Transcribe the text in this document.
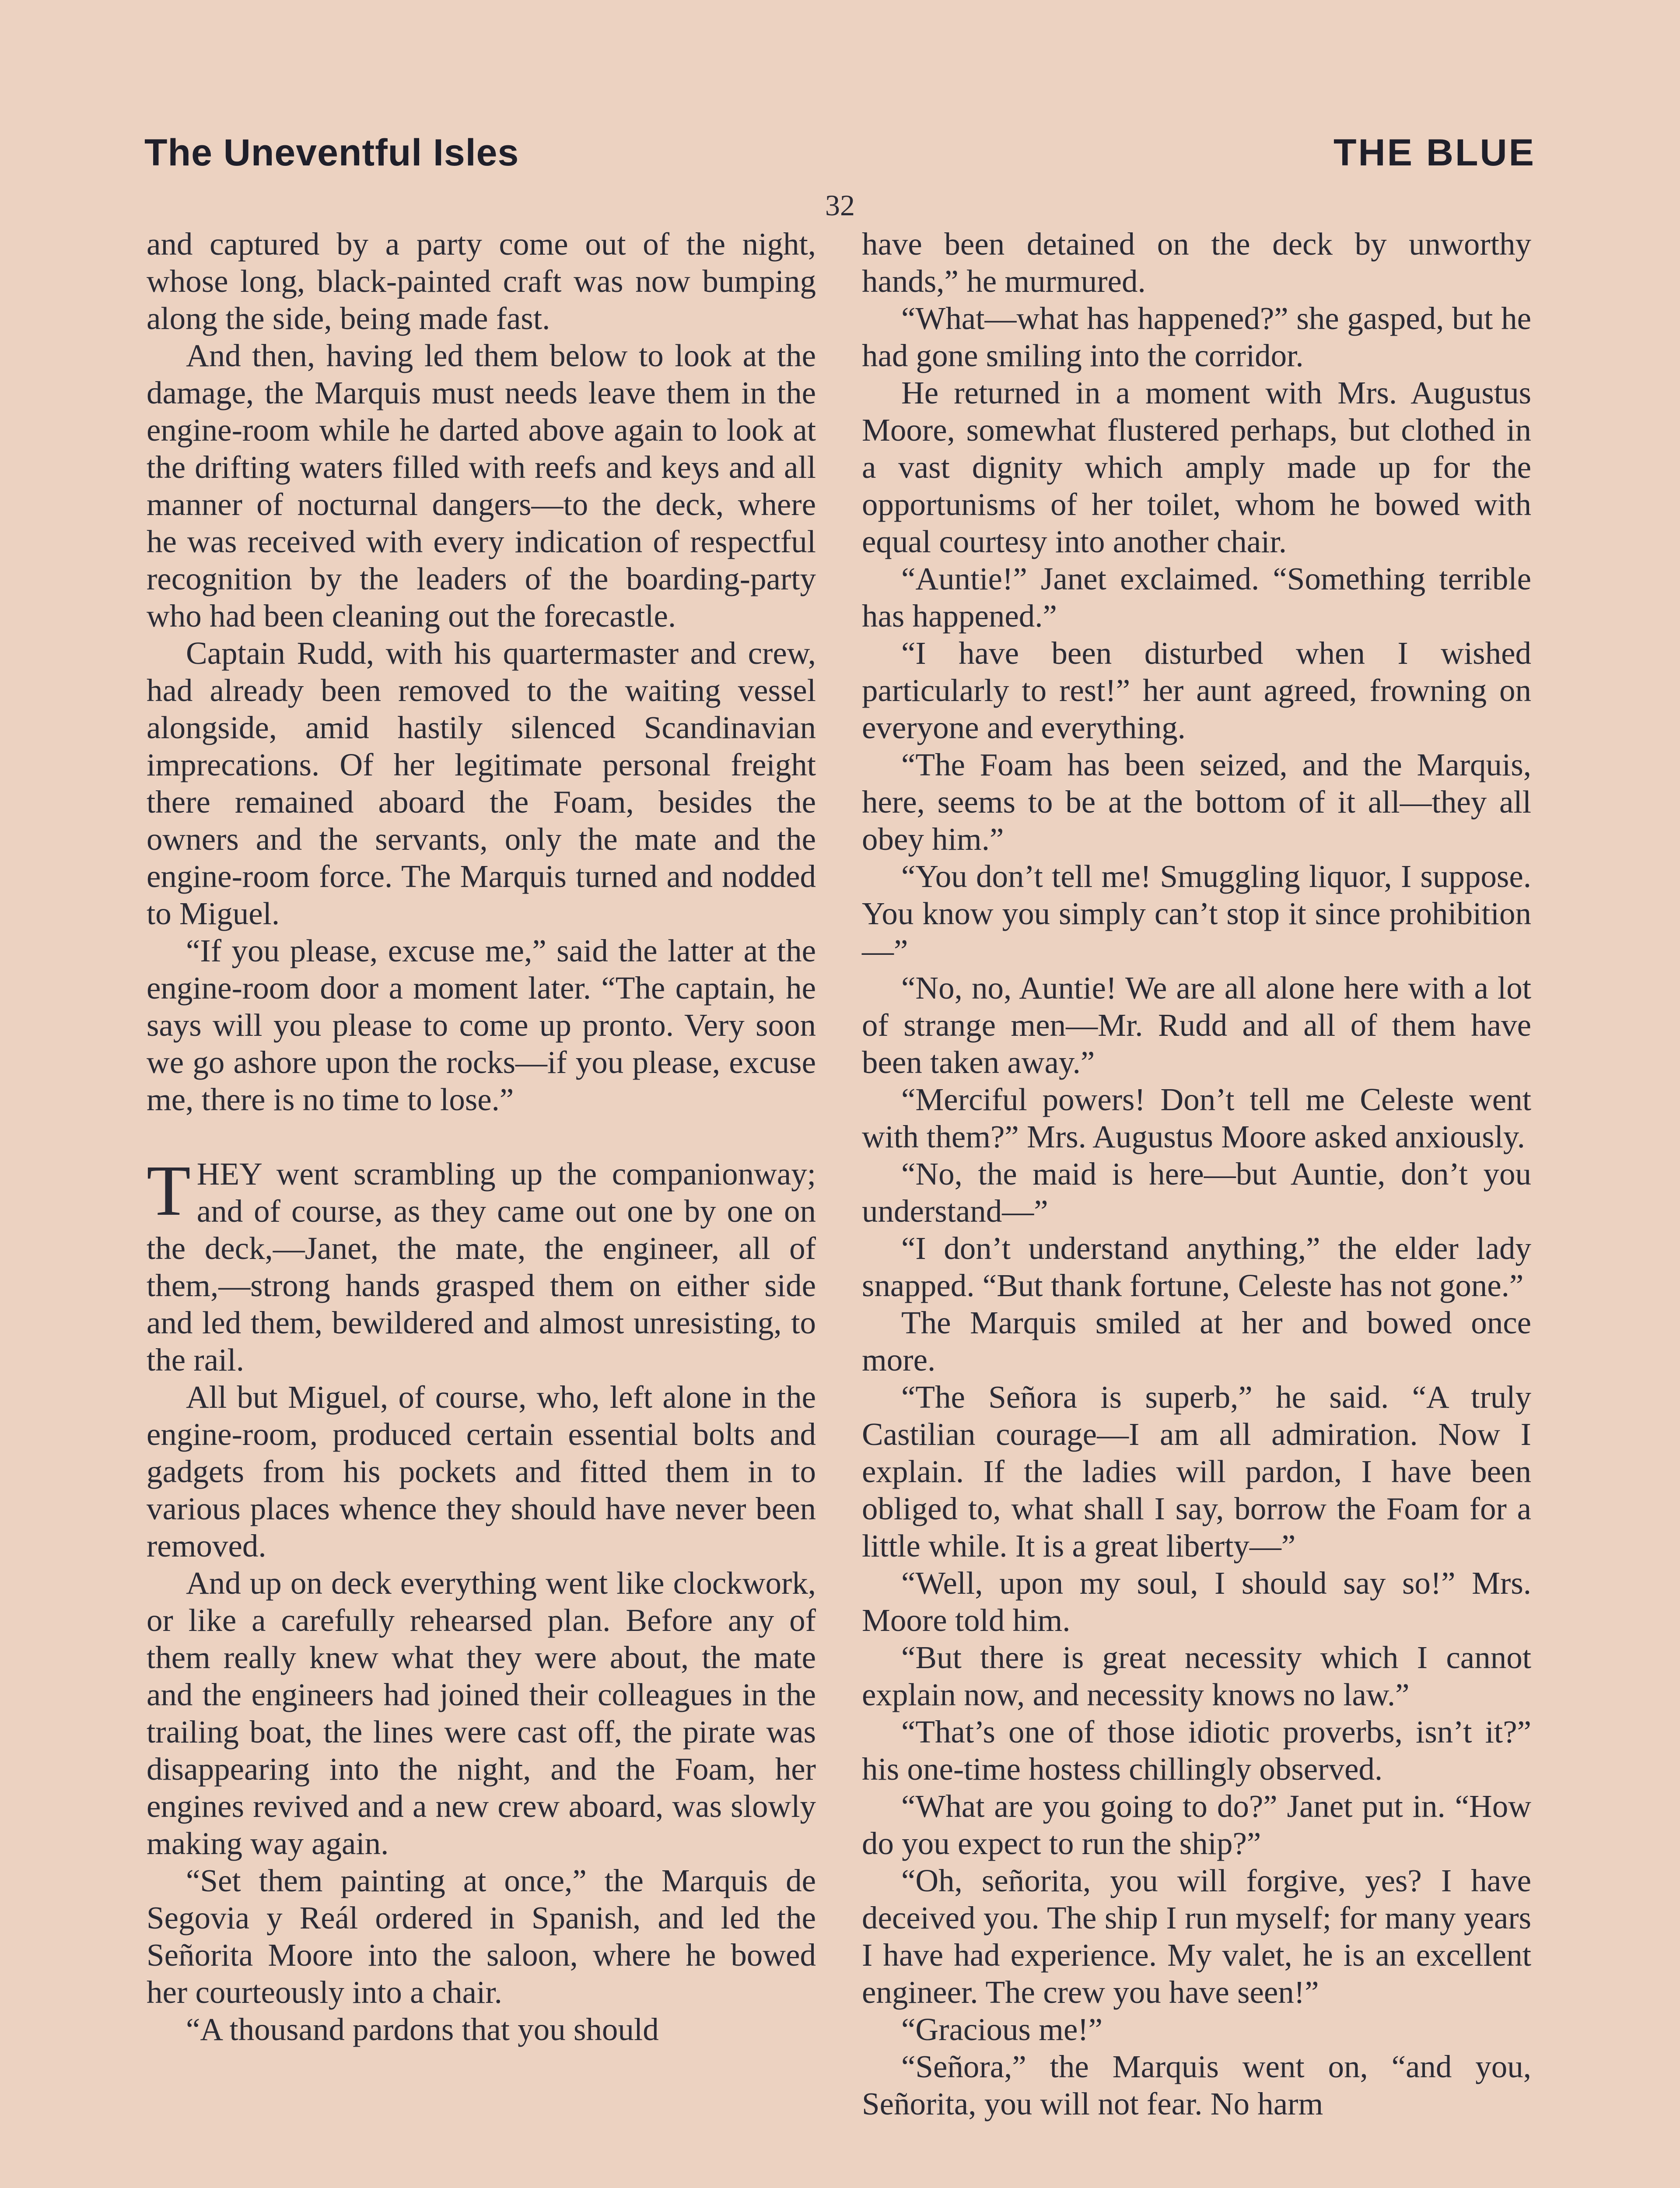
The Uneventful Isles	THE BLUE
32

and captured by a party come out of the night, whose long, black-painted craft was now bumping along the side, being made fast.

And then, having led them below to look at the damage, the Marquis must needs leave them in the engine-room while he darted above again to look at the drifting waters filled with reefs and keys and all manner of nocturnal dangers—to the deck, where he was received with every indication of respectful recognition by the leaders of the boarding-party who had been cleaning out the forecastle.

Captain Rudd, with his quartermaster and crew, had already been removed to the waiting vessel alongside, amid hastily silenced Scandinavian imprecations. Of her legitimate personal freight there remained aboard the Foam, besides the owners and the servants, only the mate and the engine-room force. The Marquis turned and nodded to Miguel.

“If you please, excuse me,” said the latter at the engine-room door a moment later. “The captain, he says will you please to come up pronto. Very soon we go ashore upon the rocks—if you please, excuse me, there is no time to lose.”

THEY went scrambling up the companionway; and of course, as they came out one by one on the deck,—Janet, the mate, the engineer, all of them,—strong hands grasped them on either side and led them, bewildered and almost unresisting, to the rail.

All but Miguel, of course, who, left alone in the engine-room, produced certain essential bolts and gadgets from his pockets and fitted them in to various places whence they should have never been removed.

And up on deck everything went like clockwork, or like a carefully rehearsed plan. Before any of them really knew what they were about, the mate and the engineers had joined their colleagues in the trailing boat, the lines were cast off, the pirate was disappearing into the night, and the Foam, her engines revived and a new crew aboard, was slowly making way again.

“Set them painting at once,” the Marquis de Segovia y Reál ordered in Spanish, and led the Señorita Moore into the saloon, where he bowed her courteously into a chair.

“A thousand pardons that you should

have been detained on the deck by unworthy hands,” he murmured.

“What—what has happened?” she gasped, but he had gone smiling into the corridor.

He returned in a moment with Mrs. Augustus Moore, somewhat flustered perhaps, but clothed in a vast dignity which amply made up for the opportunisms of her toilet, whom he bowed with equal courtesy into another chair.

“Auntie!” Janet exclaimed. “Something terrible has happened.”

“I have been disturbed when I wished particularly to rest!” her aunt agreed, frowning on everyone and everything.

“The Foam has been seized, and the Marquis, here, seems to be at the bottom of it all—they all obey him.”

“You don’t tell me! Smuggling liquor, I suppose. You know you simply can’t stop it since prohibition—”

“No, no, Auntie! We are all alone here with a lot of strange men—Mr. Rudd and all of them have been taken away.”

“Merciful powers! Don’t tell me Celeste went with them?” Mrs. Augustus Moore asked anxiously.

“No, the maid is here—but Auntie, don’t you understand—”

“I don’t understand anything,” the elder lady snapped. “But thank fortune, Celeste has not gone.”

The Marquis smiled at her and bowed once more.

“The Señora is superb,” he said. “A truly Castilian courage—I am all admiration. Now I explain. If the ladies will pardon, I have been obliged to, what shall I say, borrow the Foam for a little while. It is a great liberty—”

“Well, upon my soul, I should say so!” Mrs. Moore told him.

“But there is great necessity which I cannot explain now, and necessity knows no law.”

“That’s one of those idiotic proverbs, isn’t it?” his one-time hostess chillingly observed.

“What are you going to do?” Janet put in. “How do you expect to run the ship?”

“Oh, señorita, you will forgive, yes? I have deceived you. The ship I run myself; for many years I have had experience. My valet, he is an excellent engineer. The crew you have seen!”

“Gracious me!”

“Señora,” the Marquis went on, “and you, Señorita, you will not fear. No harm
